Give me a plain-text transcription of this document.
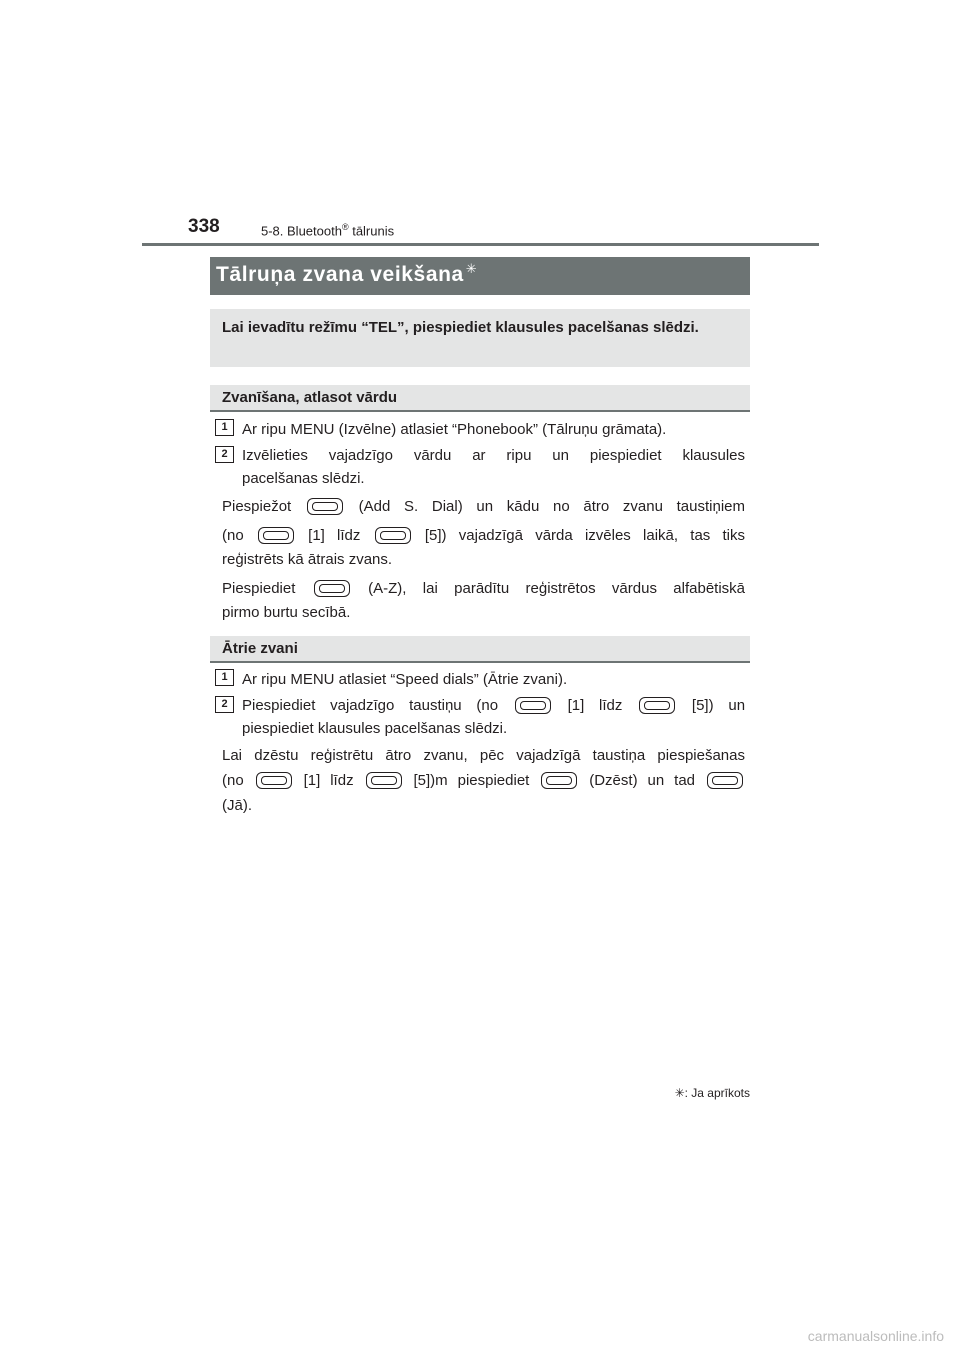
338	5-8. Bluetooth® tālrunis
Tālruņa zvana veikšana ✳
Lai ievadītu režīmu “TEL”, piespiediet klausules pacelšanas slēdzi.
Zvanīšana, atlasot vārdu
1 Ar ripu MENU (Izvēlne) atlasiet “Phonebook” (Tālruņu grāmata).
2 Izvēlieties vajadzīgo vārdu ar ripu un piespiediet klausules
pacelšanas slēdzi.
Piespiežot	(Add S. Dial) un kādu no ātro zvanu taustiņiem
(no	[1] līdz	[5]) vajadzīgā vārda izvēles laikā, tas tiks
reģistrēts kā ātrais zvans.
Piespiediet	(A-Z), lai parādītu reģistrētos vārdus alfabētiskā
pirmo burtu secībā.
Ātrie zvani
1 Ar ripu MENU atlasiet “Speed dials” (Ātrie zvani).
2 Piespiediet vajadzīgo taustiņu (no	[1] līdz	[5]) un
piespiediet klausules pacelšanas slēdzi.
Lai dzēstu reģistrētu ātro zvanu, pēc vajadzīgā taustiņa piespiešanas
(no	[1] līdz	[5])m piespiediet	(Dzēst) un tad
(Jā).
✳: Ja aprīkots
carmanualsonline.info
